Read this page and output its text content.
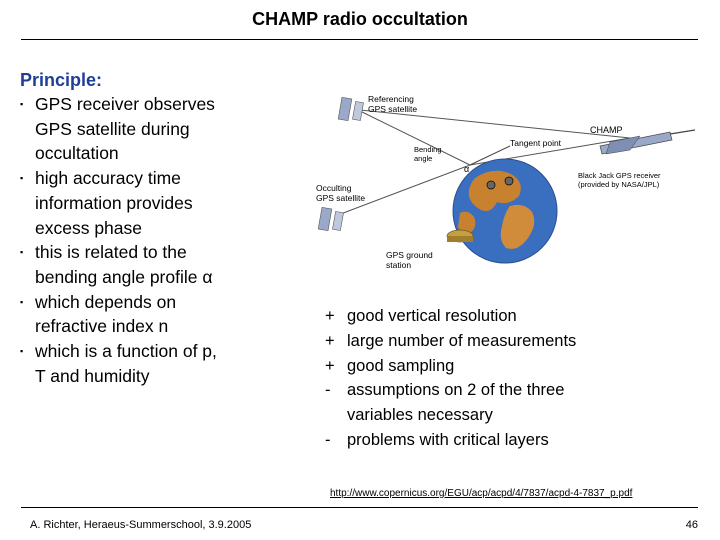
CHAMP radio occultation
Principle:
▪ GPS receiver observes
GPS satellite during
occultation
▪ high accuracy time
information provides
excess phase
▪ this is related to the
bending angle profile α
▪ which depends on
refractive index n
▪ which is a function of p,
T and humidity
Referencing
GPS satellite
CHAMP
Tangent point
Bending
angle
α
Occulting
GPS satellite
Black Jack GPS receiver
(provided by NASA/JPL)
GPS ground
station
+ good vertical resolution
+ large number of measurements
+ good sampling
-	assumptions on 2 of the three
variables necessary
-	problems with critical layers
http://www.copernicus.org/EGU/acp/acpd/4/7837/acpd-4-7837_p.pdf
A. Richter, Heraeus-Summerschool, 3.9.2005	46
